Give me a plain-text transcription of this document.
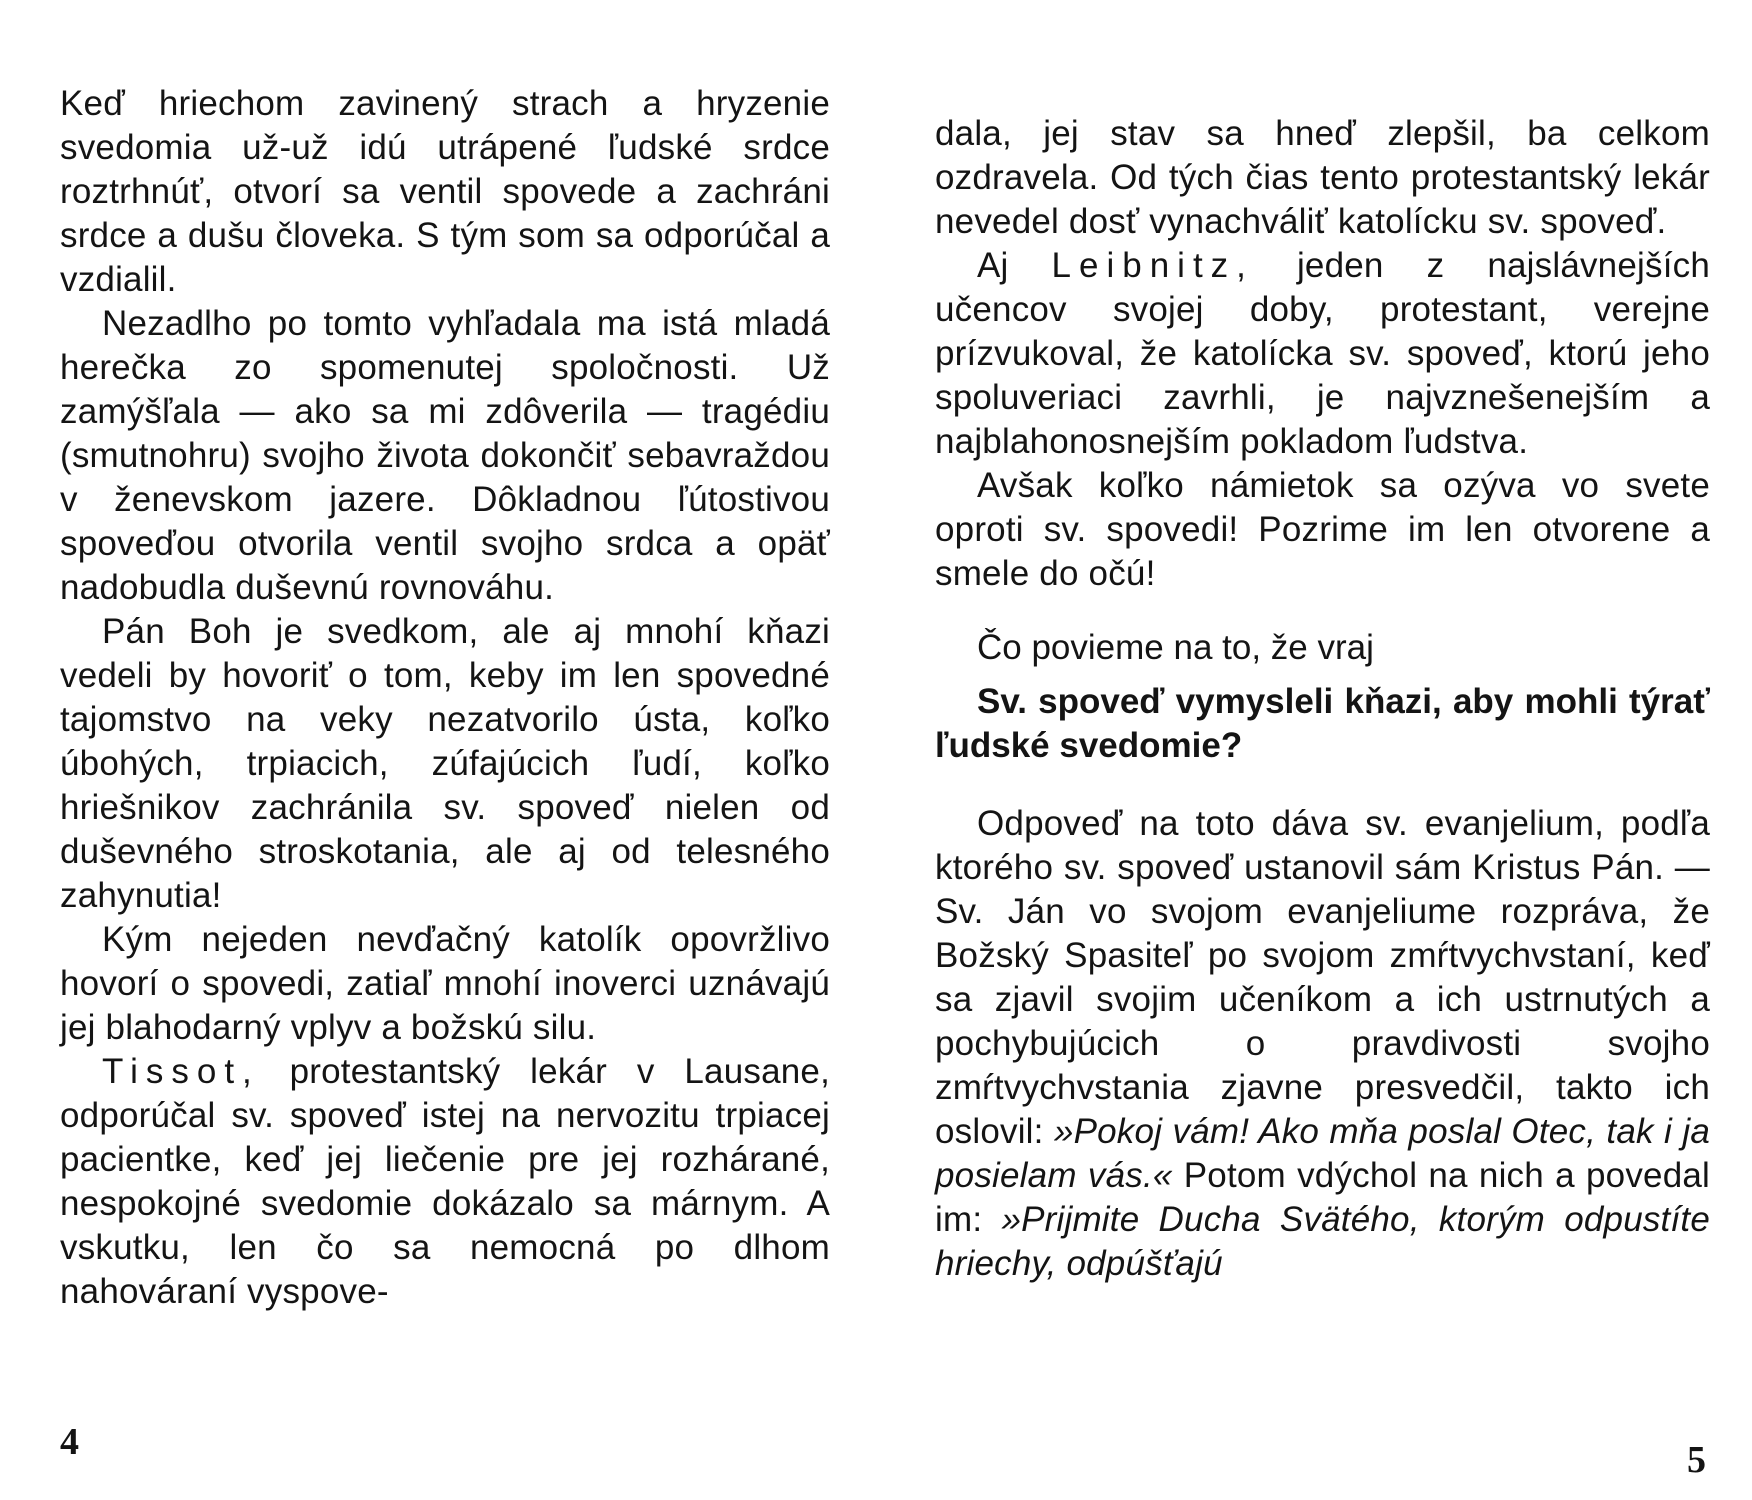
Keď hriechom zavinený strach a hryzenie svedomia už-už idú utrápené ľudské srdce roztrhnúť, otvorí sa ventil spovede a zachráni srdce a dušu človeka. S tým som sa odporúčal a vzdialil.

Nezadlho po tomto vyhľadala ma istá mladá herečka zo spomenutej spoločnosti. Už zamýšľala — ako sa mi zdôverila — tragédiu (smutnohru) svojho života dokončiť sebavraždou v ženevskom jazere. Dôkladnou ľútostivou spoveďou otvorila ventil svojho srdca a opäť nadobudla duševnú rovnováhu.

Pán Boh je svedkom, ale aj mnohí kňazi vedeli by hovoriť o tom, keby im len spovedné tajomstvo na veky nezatvorilo ústa, koľko úbohých, trpiacich, zúfajúcich ľudí, koľko hriešnikov zachránila sv. spoveď nielen od duševného stroskotania, ale aj od telesného zahynutia!

Kým nejeden nevďačný katolík opovržlivo hovorí o spovedi, zatiaľ mnohí inoverci uznávajú jej blahodarný vplyv a božskú silu.

Tissot, protestantský lekár v Lausane, odporúčal sv. spoveď istej na nervozitu trpiacej pacientke, keď jej liečenie pre jej rozhárané, nespokojné svedomie dokázalo sa márnym. A vskutku, len čo sa nemocná po dlhom nahováraní vyspove-

4

dala, jej stav sa hneď zlepšil, ba celkom ozdravela. Od tých čias tento protestantský lekár nevedel dosť vynachváliť katolícku sv. spoveď.

Aj Leibnitz, jeden z najslávnejších učencov svojej doby, protestant, verejne prízvukoval, že katolícka sv. spoveď, ktorú jeho spoluveriaci zavrhli, je najvznešenejším a najblahonosnejším pokladom ľudstva.

Avšak koľko námietok sa ozýva vo svete oproti sv. spovedi! Pozrime im len otvorene a smele do očú!

Čo povieme na to, že vraj

Sv. spoveď vymysleli kňazi, aby mohli týrať ľudské svedomie?

Odpoveď na toto dáva sv. evanjelium, podľa ktorého sv. spoveď ustanovil sám Kristus Pán. — Sv. Ján vo svojom evanjeliume rozpráva, že Božský Spasiteľ po svojom zmŕtvychvstaní, keď sa zjavil svojim učeníkom a ich ustrnutých a pochybujúcich o pravdivosti svojho zmŕtvychvstania zjavne presvedčil, takto ich oslovil: »Pokoj vám! Ako mňa poslal Otec, tak i ja posielam vás.« Potom vdýchol na nich a povedal im: »Prijmite Ducha Svätého, ktorým odpustíte hriechy, odpúšťajú

5
